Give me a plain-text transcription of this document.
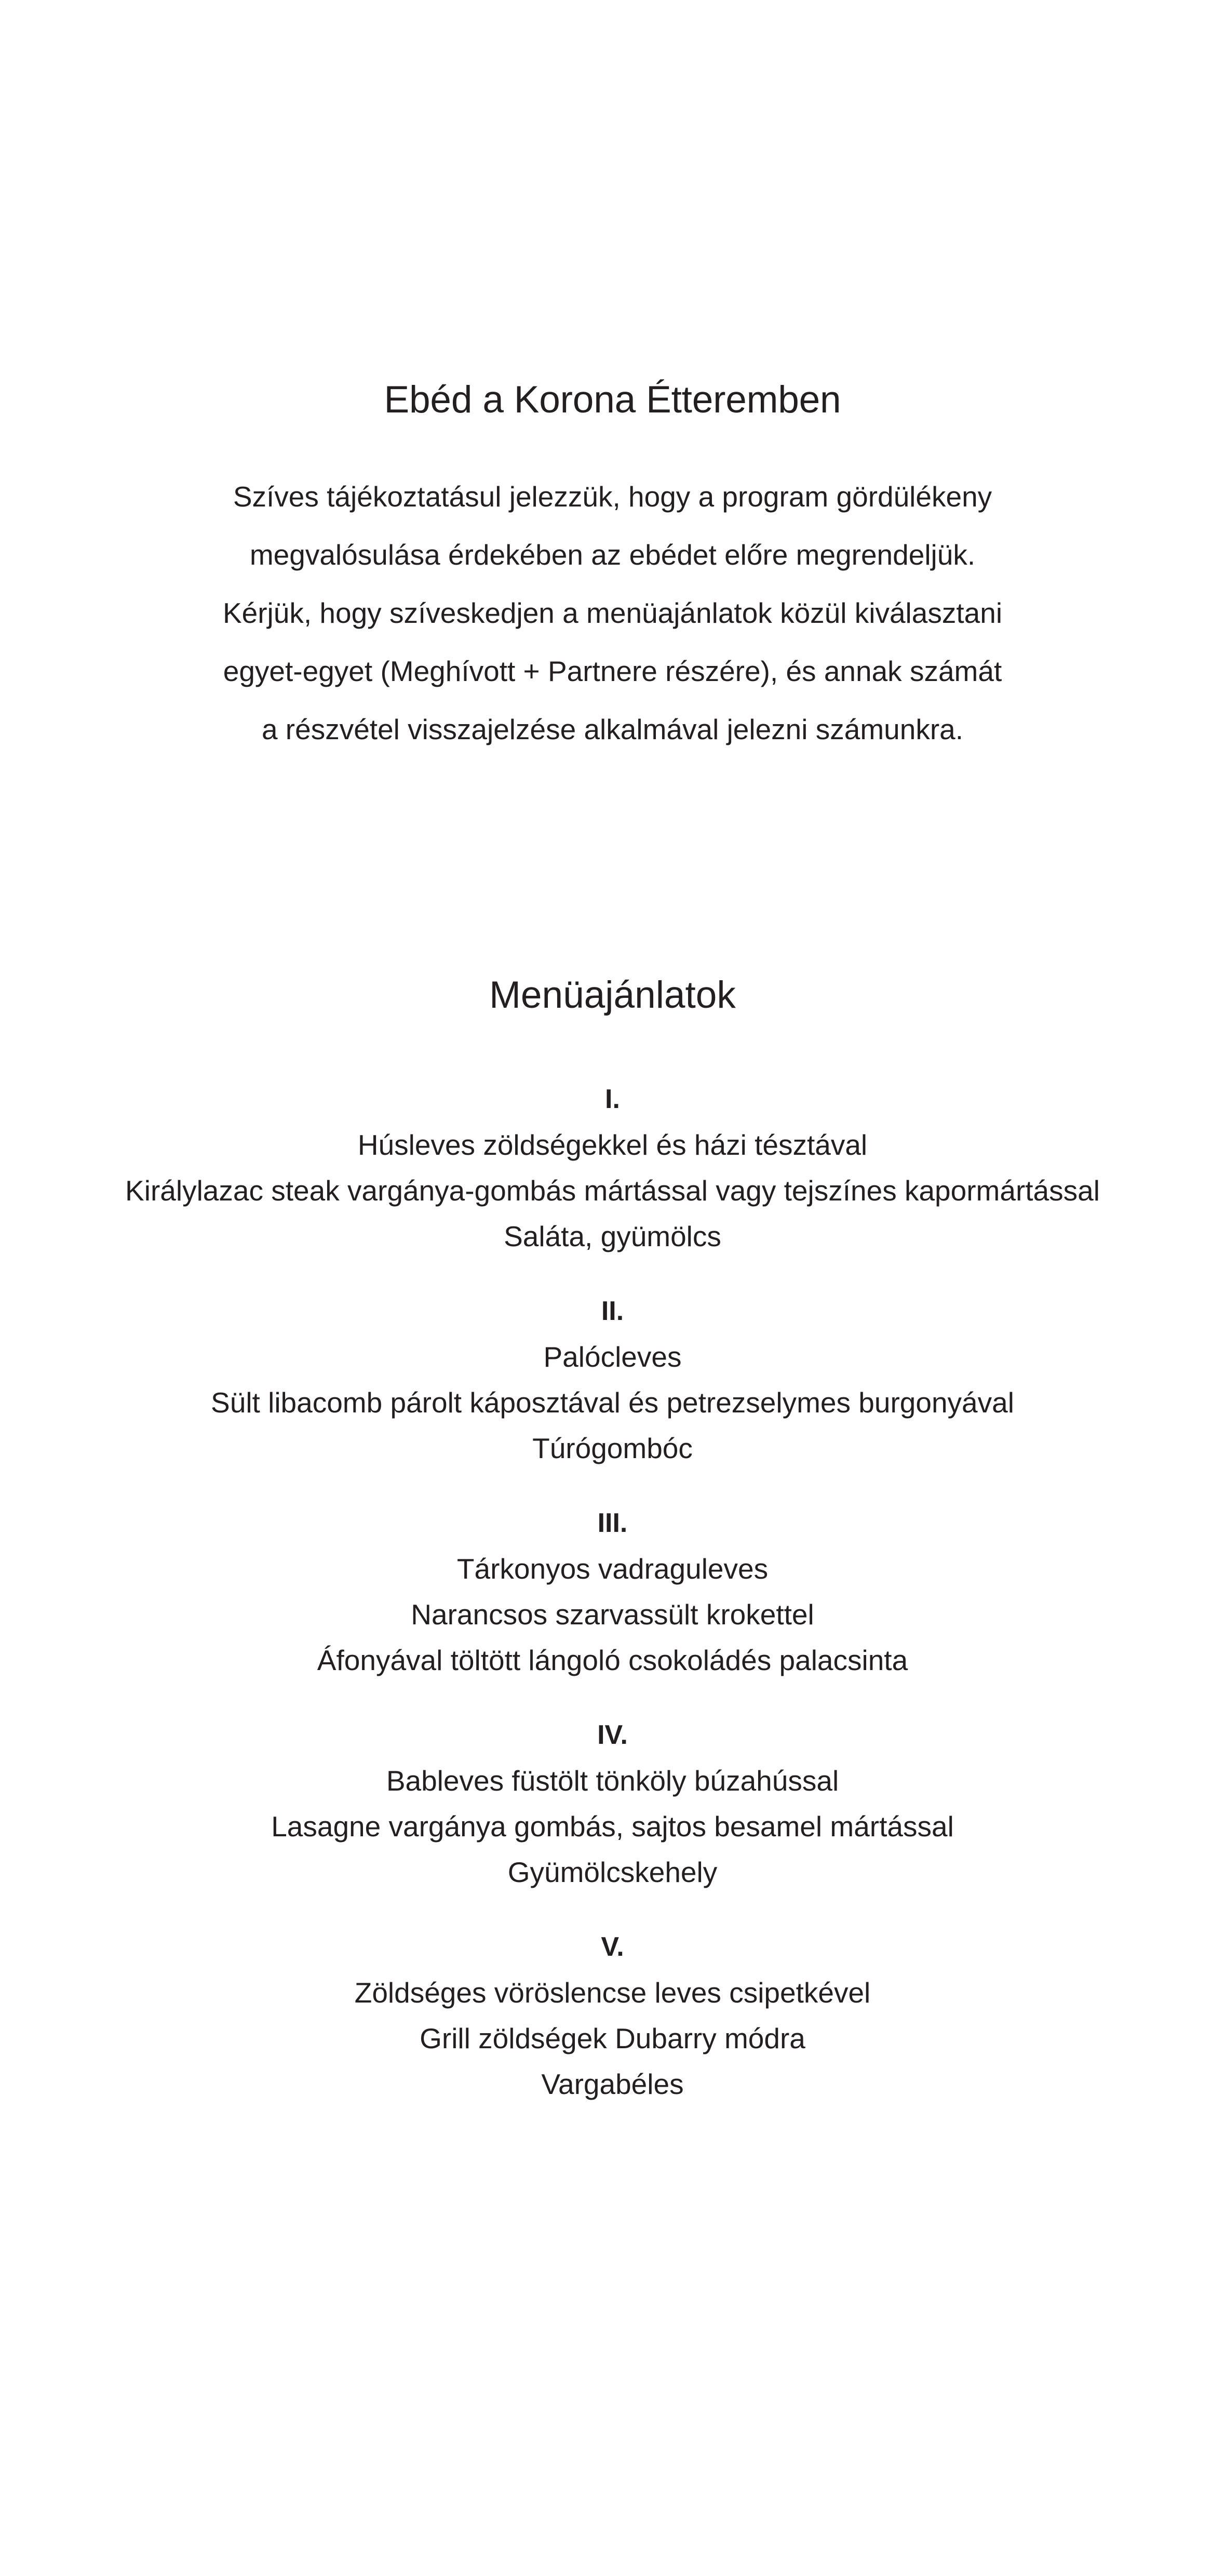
Ebéd a Korona Étteremben
Szíves tájékoztatásul jelezzük, hogy a program gördülékeny
megvalósulása érdekében az ebédet előre megrendeljük.
Kérjük, hogy szíveskedjen a menüajánlatok közül kiválasztani
egyet-egyet (Meghívott + Partnere részére), és annak számát
a részvétel visszajelzése alkalmával jelezni számunkra.
Menüajánlatok
I.
Húsleves zöldségekkel és házi tésztával
Királylazac steak vargánya-gombás mártással vagy tejszínes kapormártással
Saláta, gyümölcs
II.
Palócleves
Sült libacomb párolt káposztával és petrezselymes burgonyával
Túrógombóc
III.
Tárkonyos vadraguleves
Narancsos szarvassült krokettel
Áfonyával töltött lángoló csokoládés palacsinta
IV.
Bableves füstölt tönköly búzahússal
Lasagne vargánya gombás, sajtos besamel mártással
Gyümölcskehely
V.
Zöldséges vöröslencse leves csipetkével
Grill zöldségek Dubarry módra
Vargabéles
